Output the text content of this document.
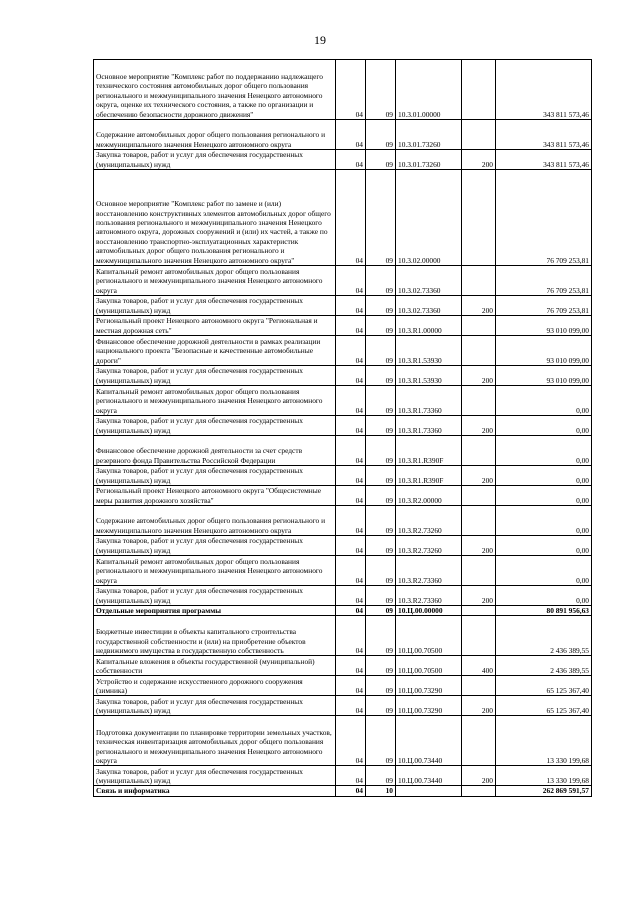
19
Основное мероприятие "Комплекс работ по поддержанию надлежащего технического состояния автомобильных дорог общего пользования регионального и межмуниципального значения Ненецкого автономного округа, оценке их технического состояния, а также по организации и обеспечению безопасности дорожного движения"	04	09	10.3.01.00000		343 811 573,46
Содержание автомобильных дорог общего пользования регионального и межмуниципального значения Ненецкого автономного округа	04	09	10.3.01.73260		343 811 573,46
Закупка товаров, работ и услуг для обеспечения государственных (муниципальных) нужд	04	09	10.3.01.73260	200	343 811 573,46
Основное мероприятие "Комплекс работ по замене и (или) восстановлению конструктивных элементов автомобильных дорог общего пользования регионального и межмуниципального значения Ненецкого автономного округа, дорожных сооружений и (или) их частей, а также по восстановлению транспортно-эксплуатационных характеристик автомобильных дорог общего пользования регионального и межмуниципального значения Ненецкого автономного округа"	04	09	10.3.02.00000		76 709 253,81
Капитальный ремонт автомобильных дорог общего пользования регионального и межмуниципального значения Ненецкого автономного округа	04	09	10.3.02.73360		76 709 253,81
Закупка товаров, работ и услуг для обеспечения государственных (муниципальных) нужд	04	09	10.3.02.73360	200	76 709 253,81
Региональный проект Ненецкого автономного округа "Региональная и местная дорожная сеть"	04	09	10.3.R1.00000		93 010 099,00
Финансовое обеспечение дорожной деятельности в рамках реализации национального проекта "Безопасные и качественные автомобильные дороги"	04	09	10.3.R1.53930		93 010 099,00
Закупка товаров, работ и услуг для обеспечения государственных (муниципальных) нужд	04	09	10.3.R1.53930	200	93 010 099,00
Капитальный ремонт автомобильных дорог общего пользования регионального и межмуниципального значения Ненецкого автономного округа	04	09	10.3.R1.73360		0,00
Закупка товаров, работ и услуг для обеспечения государственных (муниципальных) нужд	04	09	10.3.R1.73360	200	0,00
Финансовое обеспечение дорожной деятельности за счет средств резервного фонда Правительства Российской Федерации	04	09	10.3.R1.R390F		0,00
Закупка товаров, работ и услуг для обеспечения государственных (муниципальных) нужд	04	09	10.3.R1.R390F	200	0,00
Региональный проект Ненецкого автономного округа "Общесистемные меры развития дорожного хозяйства"	04	09	10.3.R2.00000		0,00
Содержание автомобильных дорог общего пользования регионального и межмуниципального значения Ненецкого автономного округа	04	09	10.3.R2.73260		0,00
Закупка товаров, работ и услуг для обеспечения государственных (муниципальных) нужд	04	09	10.3.R2.73260	200	0,00
Капитальный ремонт автомобильных дорог общего пользования регионального и межмуниципального значения Ненецкого автономного округа	04	09	10.3.R2.73360		0,00
Закупка товаров, работ и услуг для обеспечения государственных (муниципальных) нужд	04	09	10.3.R2.73360	200	0,00
Отдельные мероприятия программы	04	09	10.Ц.00.00000		80 891 956,63
Бюджетные инвестиции в объекты капитального строительства государственной собственности и (или) на приобретение объектов недвижимого имущества в государственную собственность	04	09	10.Ц.00.70500		2 436 389,55
Капитальные вложения в объекты государственной (муниципальной) собственности	04	09	10.Ц.00.70500	400	2 436 389,55
Устройство и содержание искусственного дорожного сооружения (зимника)	04	09	10.Ц.00.73290		65 125 367,40
Закупка товаров, работ и услуг для обеспечения государственных (муниципальных) нужд	04	09	10.Ц.00.73290	200	65 125 367,40
Подготовка документации по планировке территории земельных участков, техническая инвентаризация автомобильных дорог общего пользования регионального и межмуниципального значения Ненецкого автономного округа	04	09	10.Ц.00.73440		13 330 199,68
Закупка товаров, работ и услуг для обеспечения государственных (муниципальных) нужд	04	09	10.Ц.00.73440	200	13 330 199,68
Связь и информатика	04	10			262 869 591,57
